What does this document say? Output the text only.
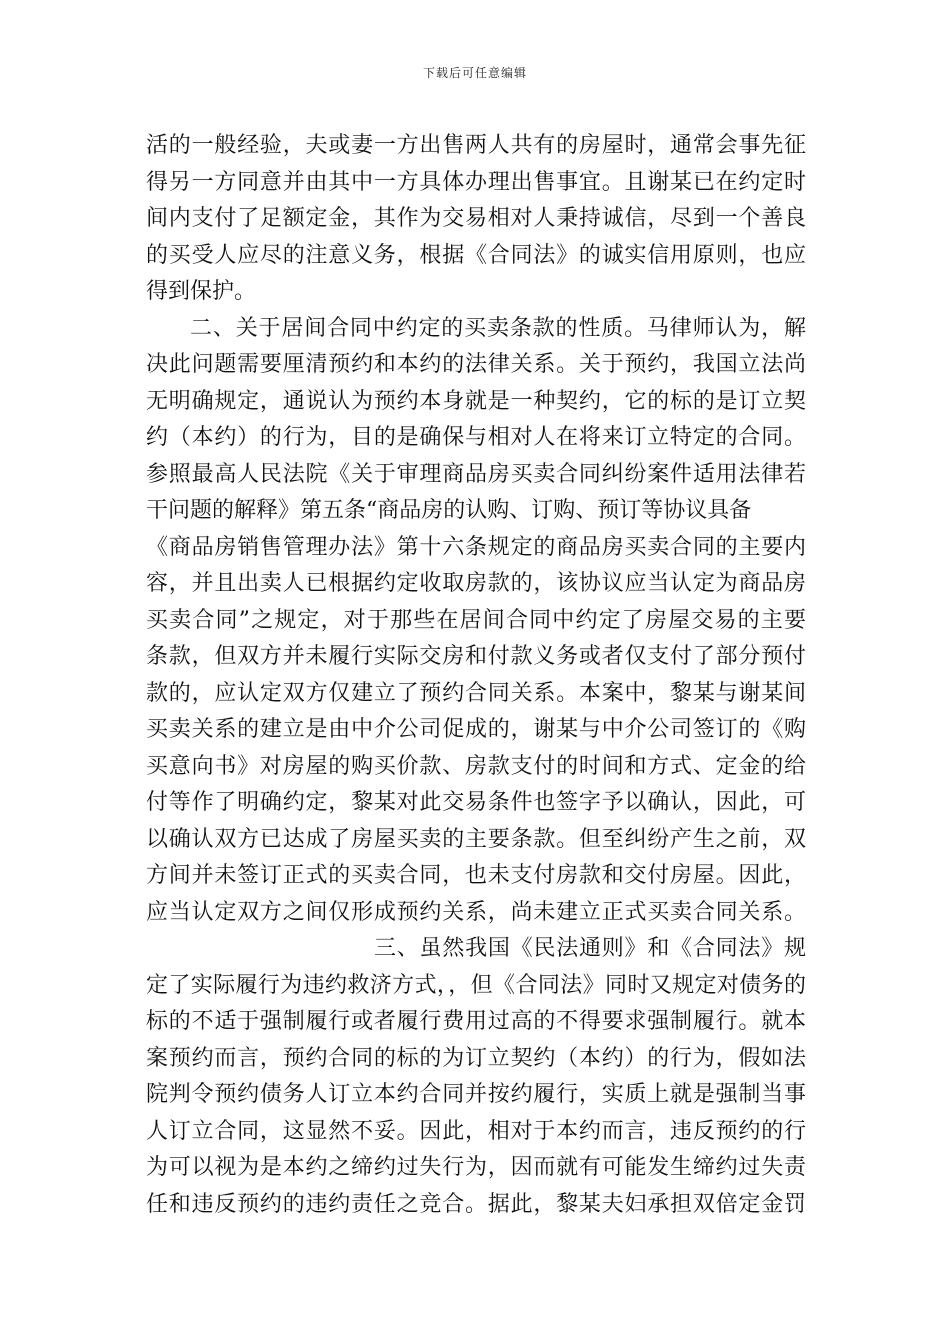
下载后可任意编辑
活的一般经验，夫或妻一方出售两人共有的房屋时，通常会事先征
得另一方同意并由其中一方具体办理出售事宜。且谢某已在约定时
间内支付了足额定金，其作为交易相对人秉持诚信，尽到一个善良
的买受人应尽的注意义务，根据《合同法》的诚实信用原则，也应
得到保护。
二、关于居间合同中约定的买卖条款的性质。马律师认为，解
决此问题需要厘清预约和本约的法律关系。关于预约，我国立法尚
无明确规定，通说认为预约本身就是一种契约，它的标的是订立契
约（本约）的行为，目的是确保与相对人在将来订立特定的合同。
参照最高人民法院《关于审理商品房买卖合同纠纷案件适用法律若
干问题的解释》第五条“商品房的认购、订购、预订等协议具备
《商品房销售管理办法》第十六条规定的商品房买卖合同的主要内
容，并且出卖人已根据约定收取房款的，该协议应当认定为商品房
买卖合同”之规定，对于那些在居间合同中约定了房屋交易的主要
条款，但双方并未履行实际交房和付款义务或者仅支付了部分预付
款的，应认定双方仅建立了预约合同关系。本案中，黎某与谢某间
买卖关系的建立是由中介公司促成的，谢某与中介公司签订的《购
买意向书》对房屋的购买价款、房款支付的时间和方式、定金的给
付等作了明确约定，黎某对此交易条件也签字予以确认，因此，可
以确认双方已达成了房屋买卖的主要条款。但至纠纷产生之前，双
方间并未签订正式的买卖合同，也未支付房款和交付房屋。因此，
应当认定双方之间仅形成预约关系，尚未建立正式买卖合同关系。
三、虽然我国《民法通则》和《合同法》规
定了实际履行为违约救济方式，，但《合同法》同时又规定对债务的
标的不适于强制履行或者履行费用过高的不得要求强制履行。就本
案预约而言，预约合同的标的为订立契约（本约）的行为，假如法
院判令预约债务人订立本约合同并按约履行，实质上就是强制当事
人订立合同，这显然不妥。因此，相对于本约而言，违反预约的行
为可以视为是本约之缔约过失行为，因而就有可能发生缔约过失责
任和违反预约的违约责任之竞合。据此，黎某夫妇承担双倍定金罚
